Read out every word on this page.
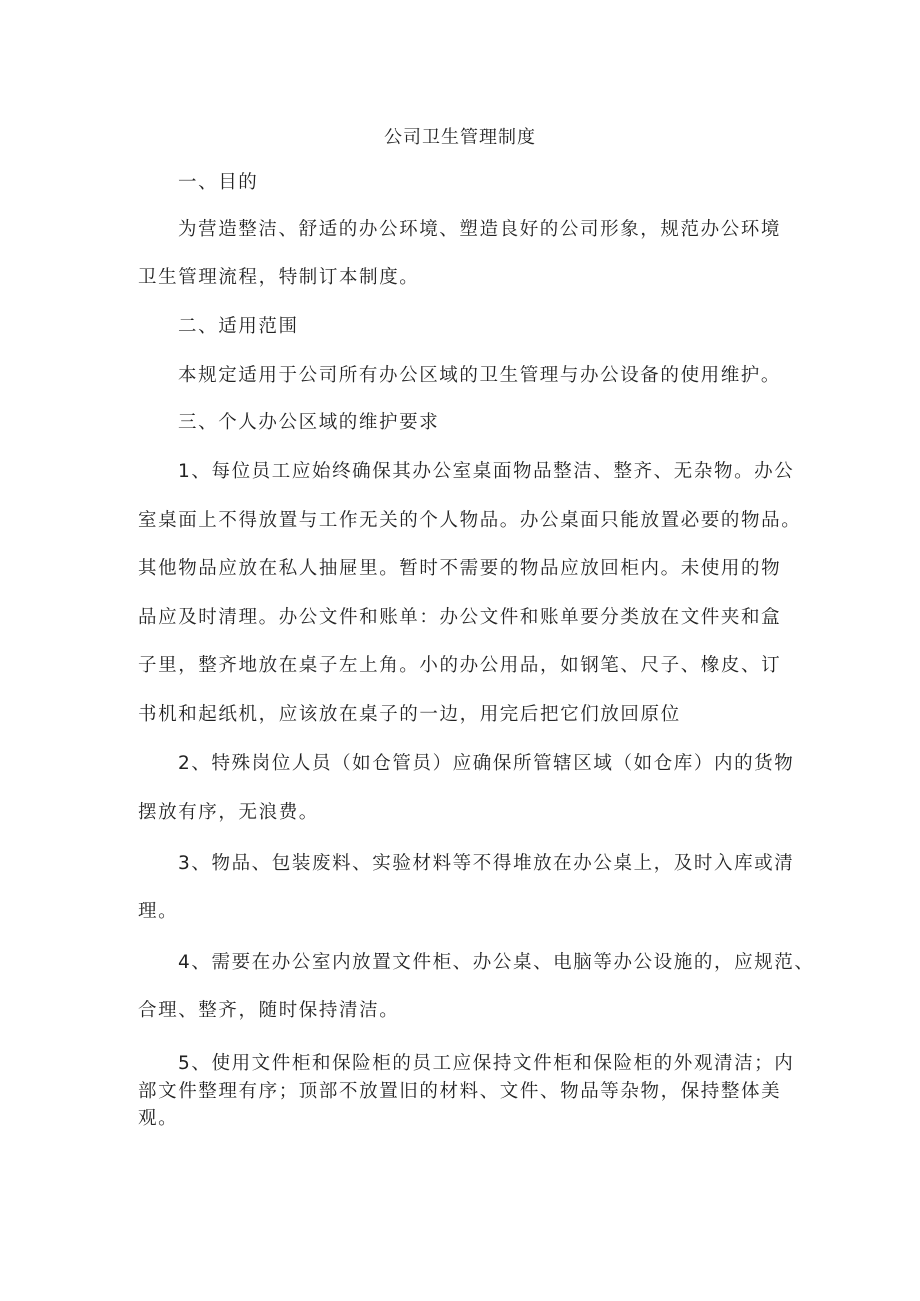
公司卫生管理制度
一、目的
为营造整洁、舒适的办公环境、塑造良好的公司形象，规范办公环境
卫生管理流程，特制订本制度。
二、适用范围
本规定适用于公司所有办公区域的卫生管理与办公设备的使用维护。
三、个人办公区域的维护要求
1、每位员工应始终确保其办公室桌面物品整洁、整齐、无杂物。办公
室桌面上不得放置与工作无关的个人物品。办公桌面只能放置必要的物品。
其他物品应放在私人抽屉里。暂时不需要的物品应放回柜内。未使用的物
品应及时清理。办公文件和账单：办公文件和账单要分类放在文件夹和盒
子里，整齐地放在桌子左上角。小的办公用品，如钢笔、尺子、橡皮、订
书机和起纸机，应该放在桌子的一边，用完后把它们放回原位
2、特殊岗位人员（如仓管员）应确保所管辖区域（如仓库）内的货物
摆放有序，无浪费。
3、物品、包装废料、实验材料等不得堆放在办公桌上，及时入库或清
理。
4、需要在办公室内放置文件柜、办公桌、电脑等办公设施的，应规范、
合理、整齐，随时保持清洁。
5、使用文件柜和保险柜的员工应保持文件柜和保险柜的外观清洁；内
部文件整理有序；顶部不放置旧的材料、文件、物品等杂物，保持整体美
观。
